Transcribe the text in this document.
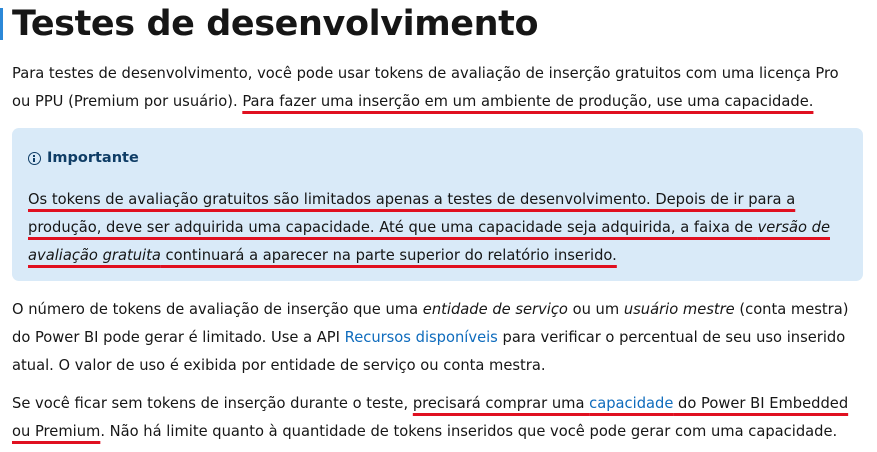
Testes de desenvolvimento

Para testes de desenvolvimento, você pode usar tokens de avaliação de inserção gratuitos com uma licença Pro ou PPU (Premium por usuário). Para fazer uma inserção em um ambiente de produção, use uma capacidade.

Importante

Os tokens de avaliação gratuitos são limitados apenas a testes de desenvolvimento. Depois de ir para a produção, deve ser adquirida uma capacidade. Até que uma capacidade seja adquirida, a faixa de versão de avaliação gratuita continuará a aparecer na parte superior do relatório inserido.

O número de tokens de avaliação de inserção que uma entidade de serviço ou um usuário mestre (conta mestra) do Power BI pode gerar é limitado. Use a API Recursos disponíveis para verificar o percentual de seu uso inserido atual. O valor de uso é exibida por entidade de serviço ou conta mestra.

Se você ficar sem tokens de inserção durante o teste, precisará comprar uma capacidade do Power BI Embedded ou Premium. Não há limite quanto à quantidade de tokens inseridos que você pode gerar com uma capacidade.
